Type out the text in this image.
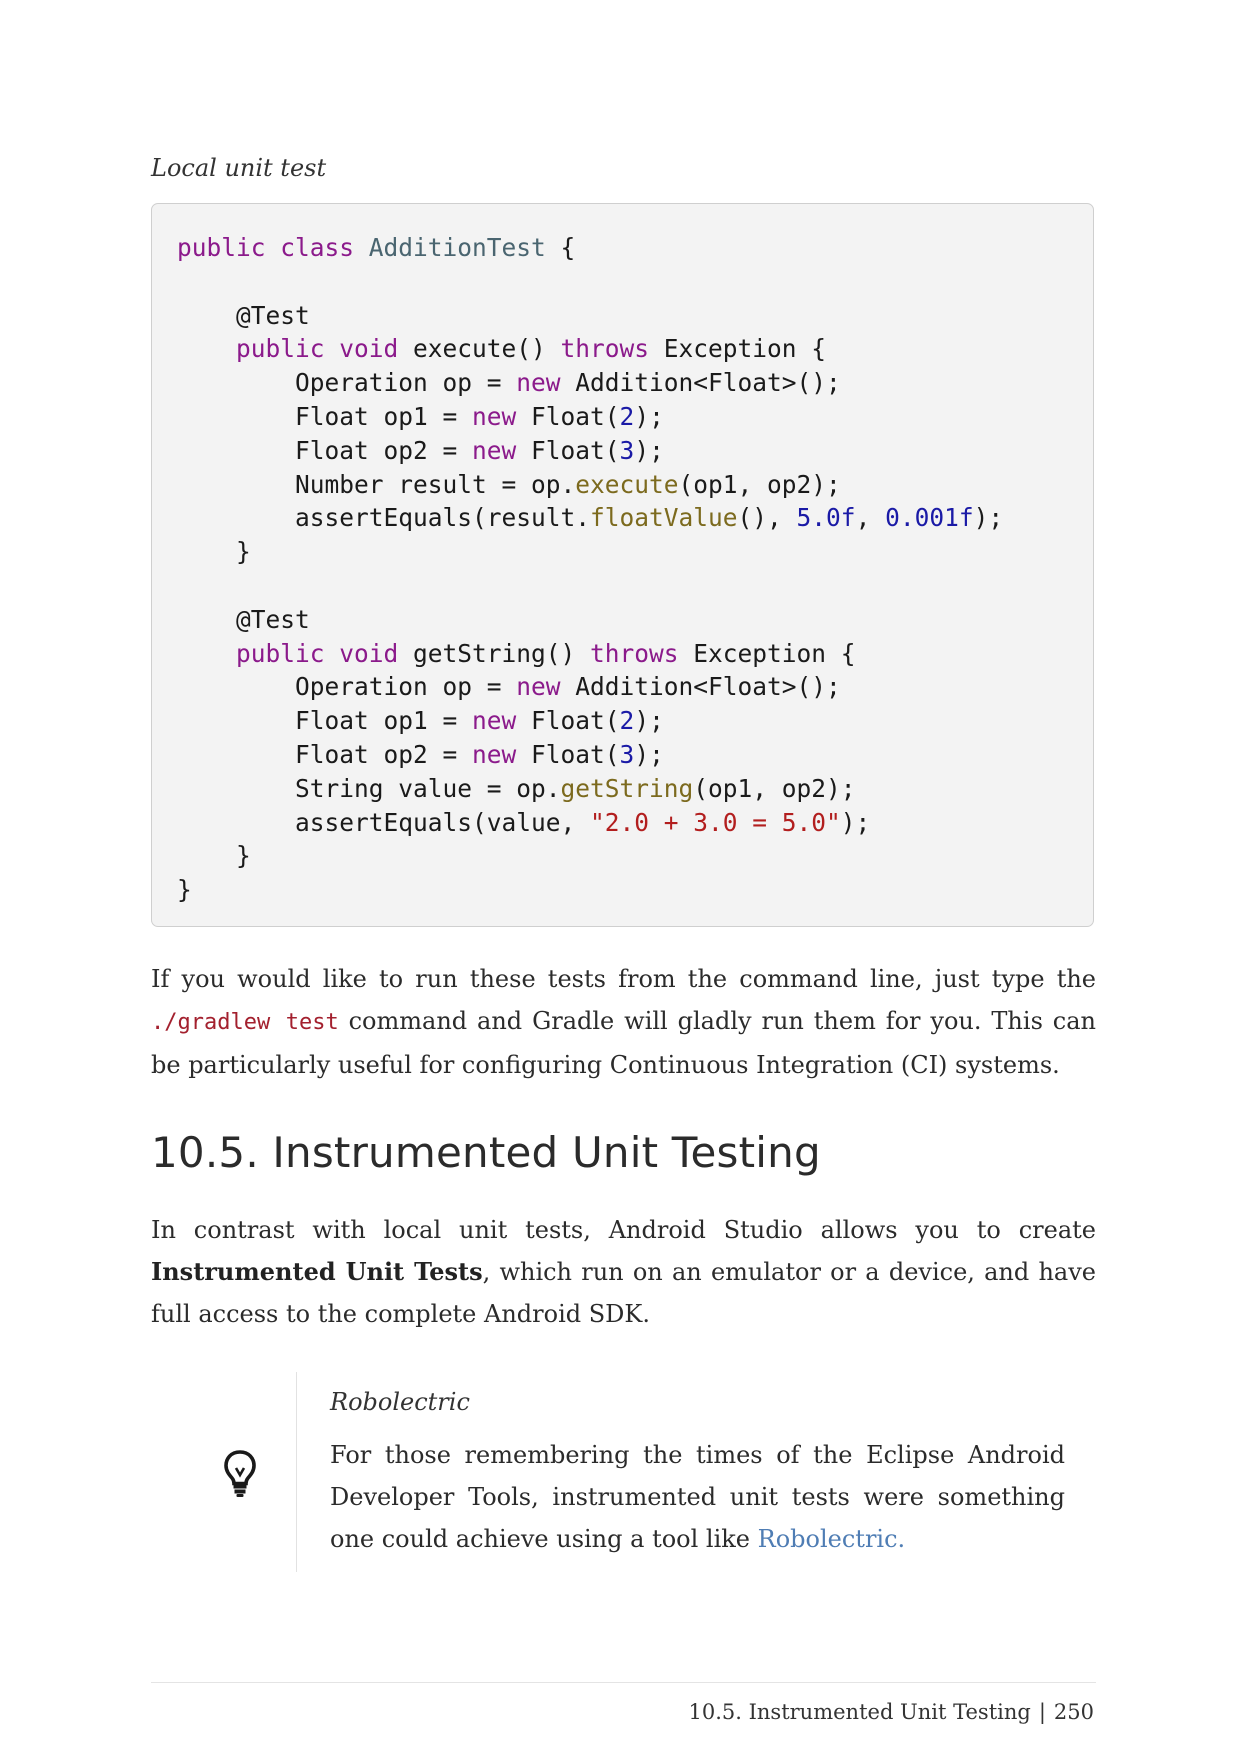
Local unit test
public class AdditionTest {

@Test
public void execute() throws Exception {
Operation op = new Addition<Float>();
Float op1 = new Float(2);
Float op2 = new Float(3);
Number result = op.execute(op1, op2);
assertEquals(result.floatValue(), 5.0f, 0.001f);
}

@Test
public void getString() throws Exception {
Operation op = new Addition<Float>();
Float op1 = new Float(2);
Float op2 = new Float(3);
String value = op.getString(op1, op2);
assertEquals(value, "2.0 + 3.0 = 5.0");
}
}

If you would like to run these tests from the command line, just type the ./gradlew test command and Gradle will gladly run them for you. This can be particularly useful for configuring Continuous Integration (CI) systems.

10.5. Instrumented Unit Testing

In contrast with local unit tests, Android Studio allows you to create Instrumented Unit Tests, which run on an emulator or a device, and have full access to the complete Android SDK.

Robolectric

For those remembering the times of the Eclipse Android Developer Tools, instrumented unit tests were something one could achieve using a tool like Robolectric.

10.5. Instrumented Unit Testing | 250
